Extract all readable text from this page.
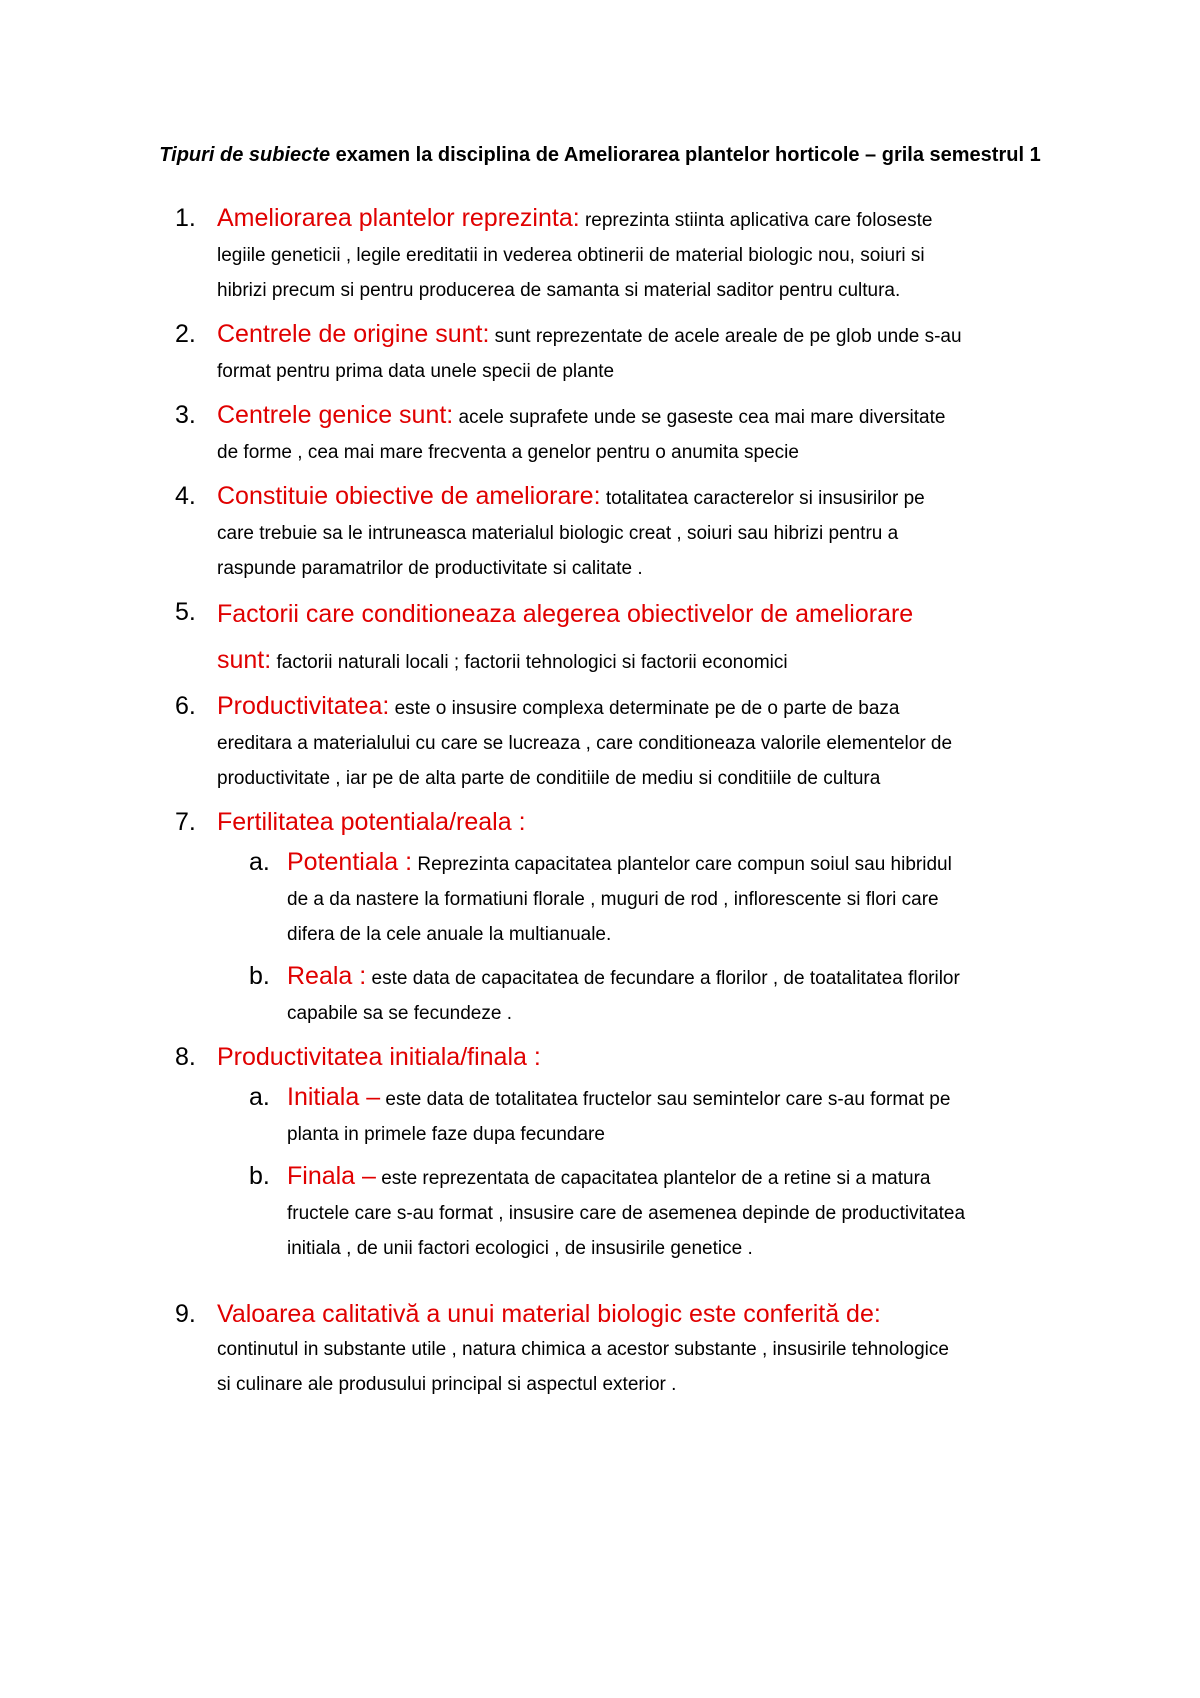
Tipuri de subiecte examen la disciplina de Ameliorarea plantelor horticole – grila semestrul 1
1. Ameliorarea plantelor reprezinta: reprezinta stiinta aplicativa care foloseste
legiile geneticii , legile ereditatii in vederea obtinerii de material biologic nou, soiuri si
hibrizi precum si pentru producerea de samanta si material saditor pentru cultura.
2. Centrele de origine sunt: sunt reprezentate de acele areale de pe glob unde s-au
format pentru prima data unele specii de plante
3. Centrele genice sunt: acele suprafete unde se gaseste cea mai mare diversitate
de forme , cea mai mare frecventa a genelor pentru o anumita specie
4. Constituie obiective de ameliorare: totalitatea caracterelor si insusirilor pe
care trebuie sa le intruneasca materialul biologic creat , soiuri sau hibrizi pentru a
raspunde paramatrilor de productivitate si calitate .
5. Factorii care conditioneaza alegerea obiectivelor de ameliorare
sunt: factorii naturali locali ; factorii tehnologici si factorii economici
6. Productivitatea: este o insusire complexa determinate pe de o parte de baza
ereditara a materialului cu care se lucreaza , care conditioneaza valorile elementelor de
productivitate , iar pe de alta parte de conditiile de mediu si conditiile de cultura
7. Fertilitatea potentiala/reala :
a. Potentiala : Reprezinta capacitatea plantelor care compun soiul sau hibridul
de a da nastere la formatiuni florale , muguri de rod , inflorescente si flori care
difera de la cele anuale la multianuale.
b. Reala : este data de capacitatea de fecundare a florilor , de toatalitatea florilor
capabile sa se fecundeze .
8. Productivitatea initiala/finala :
a. Initiala – este data de totalitatea fructelor sau semintelor care s-au format pe
planta in primele faze dupa fecundare
b. Finala – este reprezentata de capacitatea plantelor de a retine si a matura
fructele care s-au format , insusire care de asemenea depinde de productivitatea
initiala , de unii factori ecologici , de insusirile genetice .
9. Valoarea calitativă a unui material biologic este conferită de:
continutul in substante utile , natura chimica a acestor substante , insusirile tehnologice
si culinare ale produsului principal si aspectul exterior .
